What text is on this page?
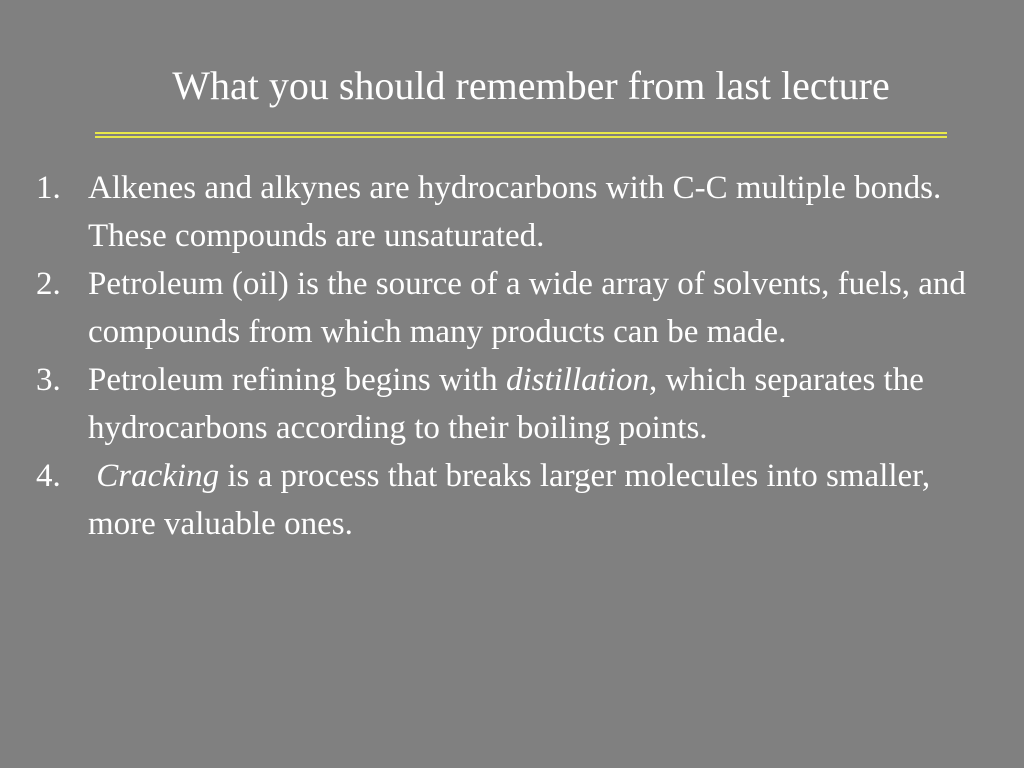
What you should remember from last lecture
1. Alkenes and alkynes are hydrocarbons with C-C multiple bonds. These compounds are unsaturated.
2. Petroleum (oil) is the source of a wide array of solvents, fuels, and compounds from which many products can be made.
3. Petroleum refining begins with distillation, which separates the hydrocarbons according to their boiling points.
4.	Cracking is a process that breaks larger molecules into smaller, more valuable ones.
